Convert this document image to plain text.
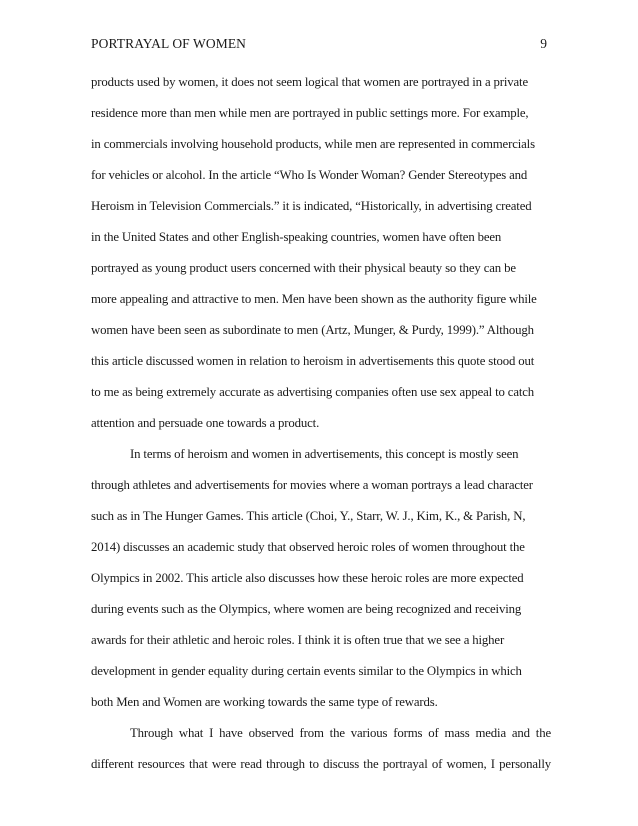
PORTRAYAL OF WOMEN	9
products used by women, it does not seem logical that women are portrayed in a private
residence more than men while men are portrayed in public settings more. For example,
in commercials involving household products, while men are represented in commercials
for vehicles or alcohol. In the article “Who Is Wonder Woman? Gender Stereotypes and
Heroism in Television Commercials.” it is indicated, “Historically, in advertising created
in the United States and other English-speaking countries, women have often been
portrayed as young product users concerned with their physical beauty so they can be
more appealing and attractive to men. Men have been shown as the authority figure while
women have been seen as subordinate to men (Artz, Munger, & Purdy, 1999).” Although
this article discussed women in relation to heroism in advertisements this quote stood out
to me as being extremely accurate as advertising companies often use sex appeal to catch
attention and persuade one towards a product.
In terms of heroism and women in advertisements, this concept is mostly seen
through athletes and advertisements for movies where a woman portrays a lead character
such as in The Hunger Games. This article (Choi, Y., Starr, W. J., Kim, K., & Parish, N,
2014) discusses an academic study that observed heroic roles of women throughout the
Olympics in 2002. This article also discusses how these heroic roles are more expected
during events such as the Olympics, where women are being recognized and receiving
awards for their athletic and heroic roles. I think it is often true that we see a higher
development in gender equality during certain events similar to the Olympics in which
both Men and Women are working towards the same type of rewards.
Through what I have observed from the various forms of mass media and the
different resources that were read through to discuss the portrayal of women, I personally
